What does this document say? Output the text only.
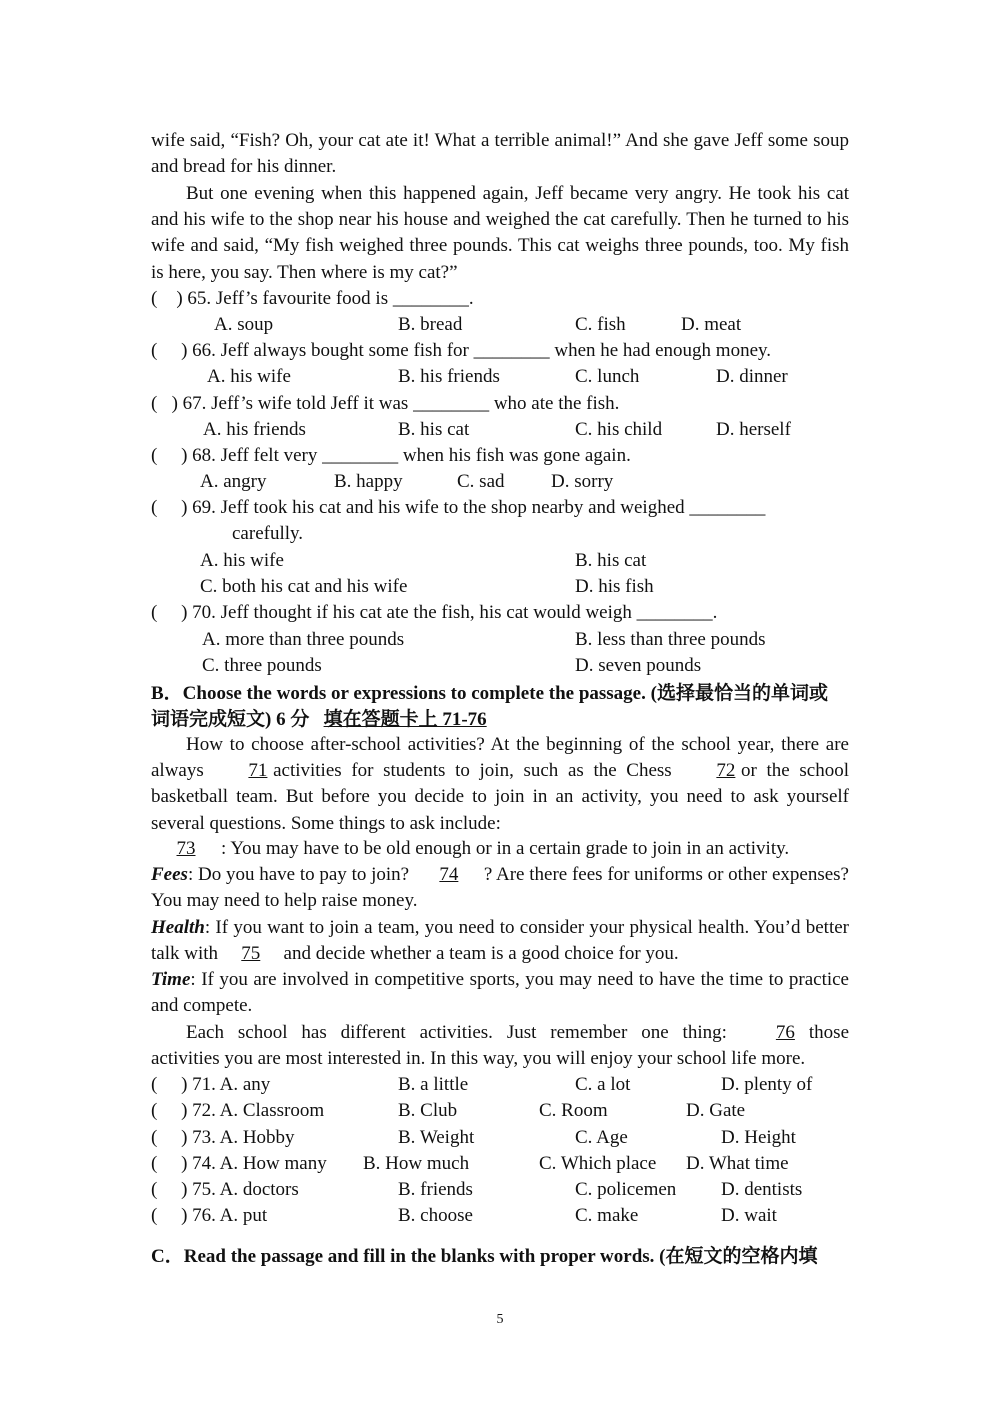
wife said, “Fish? Oh, your cat ate it! What a terrible animal!” And she gave Jeff some soup and bread for his dinner.
But one evening when this happened again, Jeff became very angry. He took his cat and his wife to the shop near his house and weighed the cat carefully. Then he turned to his wife and said, “My fish weighed three pounds. This cat weighs three pounds, too. My fish is here, you say. Then where is my cat?”
(    ) 65. Jeff’s favourite food is ________.
A. soup	B. bread	C. fish	D. meat
(     ) 66. Jeff always bought some fish for ________ when he had enough money.
A. his wife	B. his friends	C. lunch	D. dinner
(   ) 67. Jeff’s wife told Jeff it was ________ who ate the fish.
A. his friends	B. his cat	C. his child	D. herself
(     ) 68. Jeff felt very ________ when his fish was gone again.
A. angry	B. happy	C. sad D. sorry
(     ) 69. Jeff took his cat and his wife to the shop nearby and weighed ________
carefully.
A. his wife	B. his cat
C. both his cat and his wife	D. his fish
(     ) 70. Jeff thought if his cat ate the fish, his cat would weigh ________.
A. more than three pounds	B. less than three pounds
C. three pounds	D. seven pounds
B．Choose the words or expressions to complete the passage. (选择最恰当的单词或
词语完成短文) 6 分   填在答题卡上 71-76
How to choose after-school activities? At the beginning of the school year, there are always 71 activities for students to join, such as the Chess 72 or the school basketball team. But before you decide to join in an activity, you need to ask yourself several questions. Some things to ask include:
73 : You may have to be old enough or in a certain grade to join in an activity.
Fees: Do you have to pay to join? 74 ? Are there fees for uniforms or other expenses? You may need to help raise money.
Health: If you want to join a team, you need to consider your physical health. You’d better talk with 75 and decide whether a team is a good choice for you.
Time: If you are involved in competitive sports, you may need to have the time to practice and compete.
Each school has different activities. Just remember one thing:	76 those activities you are most interested in. In this way, you will enjoy your school life more.
(     ) 71. A. any	B. a little	C. a lot	D. plenty of
(     ) 72. A. Classroom	B. Club	C. Room	D. Gate
(     ) 73. A. Hobby	B. Weight	C. Age	D. Height
(     ) 74. A. How many B. How much	C. Which place D. What time
(     ) 75. A. doctors	B. friends	C. policemen D. dentists
(     ) 76. A. put	B. choose	C. make	D. wait
C．Read the passage and fill in the blanks with proper words. (在短文的空格内填
5
